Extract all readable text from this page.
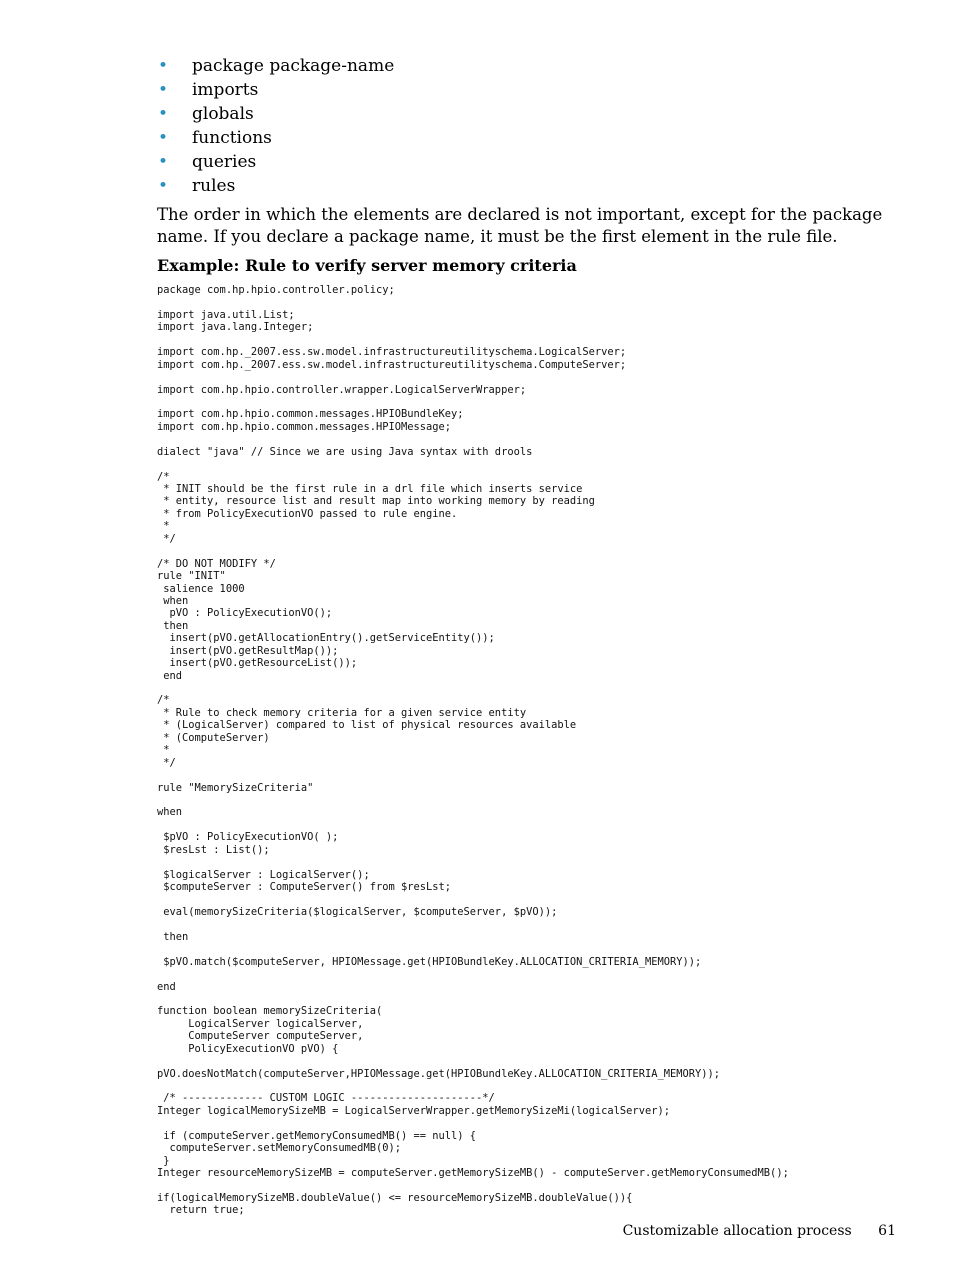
• package package-name
• imports
• globals
• functions
• queries
• rules

The order in which the elements are declared is not important, except for the package name. If you declare a package name, it must be the first element in the rule file.

Example: Rule to verify server memory criteria
package com.hp.hpio.controller.policy;
import java.util.List;
import java.lang.Integer;
import com.hp._2007.ess.sw.model.infrastructureutilityschema.LogicalServer;
import com.hp._2007.ess.sw.model.infrastructureutilityschema.ComputeServer;
import com.hp.hpio.controller.wrapper.LogicalServerWrapper;
import com.hp.hpio.common.messages.HPIOBundleKey;
import com.hp.hpio.common.messages.HPIOMessage;
dialect "java" // Since we are using Java syntax with drools
/*
* INIT should be the first rule in a drl file which inserts service
* entity, resource list and result map into working memory by reading
* from PolicyExecutionVO passed to rule engine.
*
*/
/* DO NOT MODIFY */
rule "INIT"
salience 1000
when
pVO : PolicyExecutionVO();
then
insert(pVO.getAllocationEntry().getServiceEntity());
insert(pVO.getResultMap());
insert(pVO.getResourceList());
end
/*
* Rule to check memory criteria for a given service entity
* (LogicalServer) compared to list of physical resources available
* (ComputeServer)
*
*/
rule "MemorySizeCriteria"
when
$pVO : PolicyExecutionVO( );
$resLst : List();
$logicalServer : LogicalServer();
$computeServer : ComputeServer() from $resLst;
eval(memorySizeCriteria($logicalServer, $computeServer, $pVO));
then
$pVO.match($computeServer, HPIOMessage.get(HPIOBundleKey.ALLOCATION_CRITERIA_MEMORY));
end
function boolean memorySizeCriteria(
LogicalServer logicalServer,
ComputeServer computeServer,
PolicyExecutionVO pVO) {
pVO.doesNotMatch(computeServer,HPIOMessage.get(HPIOBundleKey.ALLOCATION_CRITERIA_MEMORY));
/* ------------- CUSTOM LOGIC ---------------------*/
Integer logicalMemorySizeMB = LogicalServerWrapper.getMemorySizeMi(logicalServer);
if (computeServer.getMemoryConsumedMB() == null) {
computeServer.setMemoryConsumedMB(0);
}
Integer resourceMemorySizeMB = computeServer.getMemorySizeMB() - computeServer.getMemoryConsumedMB();
if(logicalMemorySizeMB.doubleValue() <= resourceMemorySizeMB.doubleValue()){
return true;
Customizable allocation process 61
